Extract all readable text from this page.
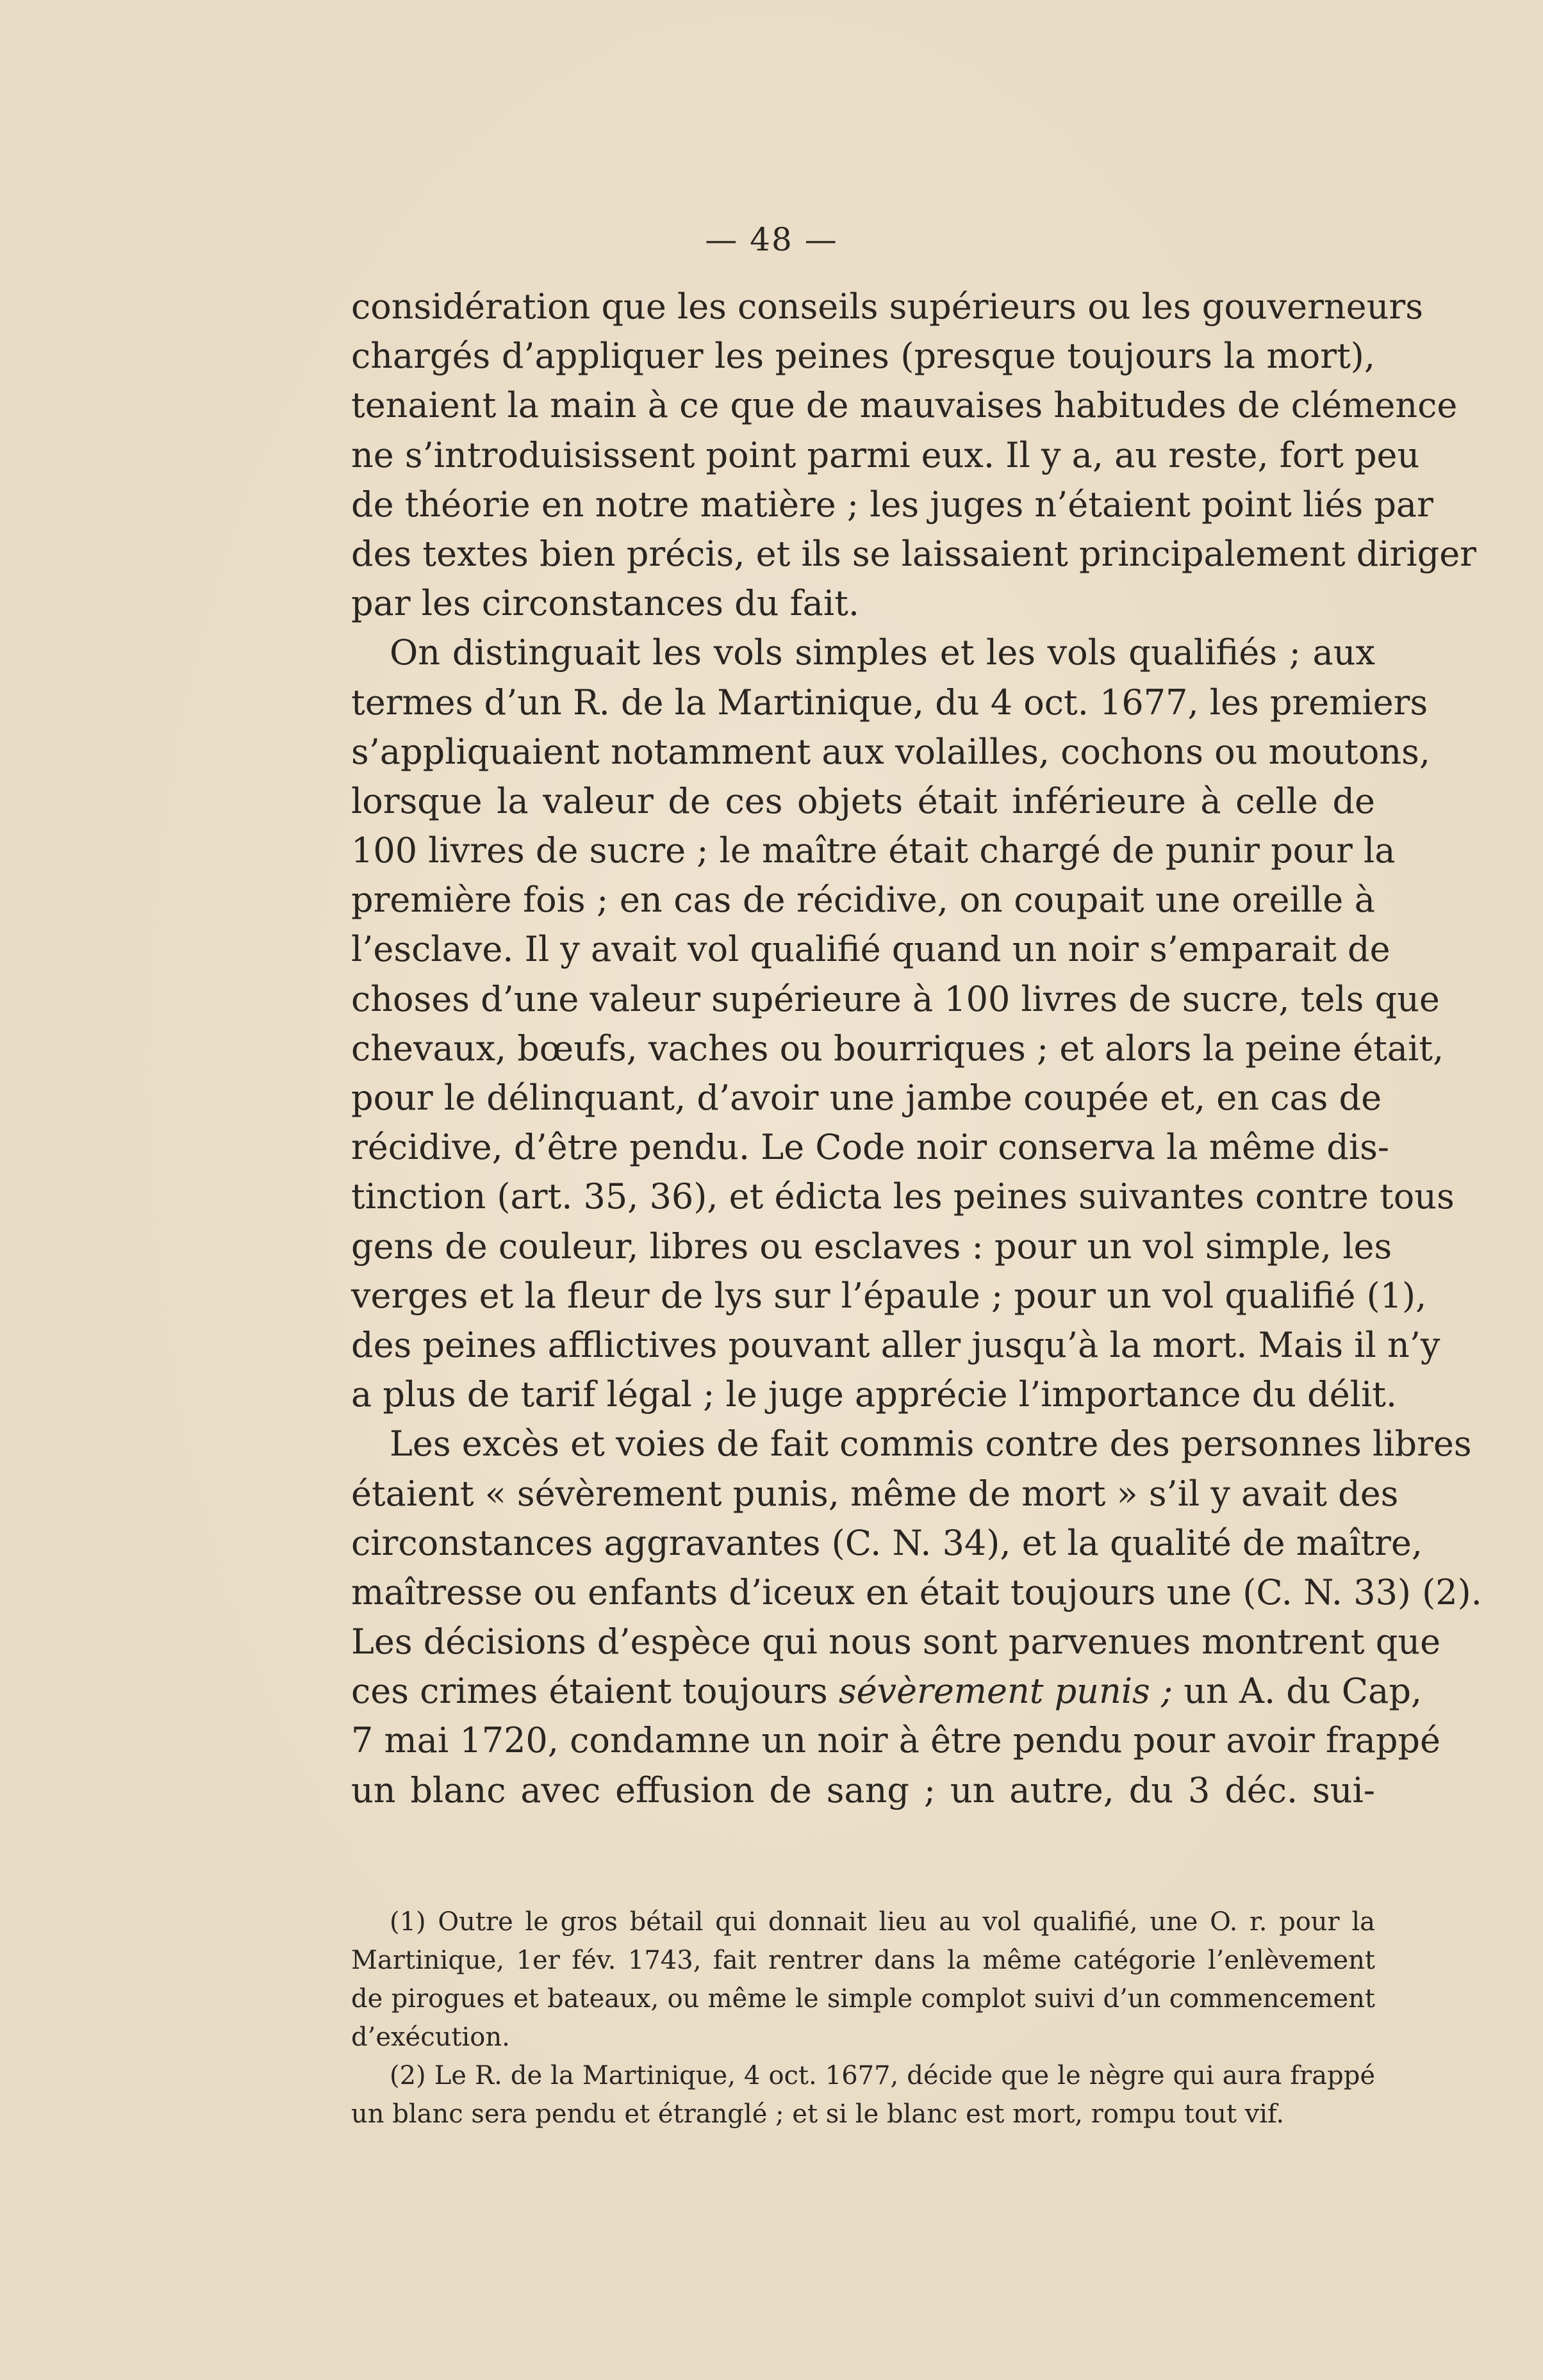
— 48 —
considération que les conseils supérieurs ou les gouverneurs
chargés d’appliquer les peines (presque toujours la mort),
tenaient la main à ce que de mauvaises habitudes de clémence
ne s’introduisissent point parmi eux. Il y a, au reste, fort peu
de théorie en notre matière ; les juges n’étaient point liés par
des textes bien précis, et ils se laissaient principalement diriger
par les circonstances du fait.
On distinguait les vols simples et les vols qualifiés ; aux
termes d’un R. de la Martinique, du 4 oct. 1677, les premiers
s’appliquaient notamment aux volailles, cochons ou moutons,
lorsque la valeur de ces objets était inférieure à celle de
100 livres de sucre ; le maître était chargé de punir pour la
première fois ; en cas de récidive, on coupait une oreille à
l’esclave. Il y avait vol qualifié quand un noir s’emparait de
choses d’une valeur supérieure à 100 livres de sucre, tels que
chevaux, bœufs, vaches ou bourriques ; et alors la peine était,
pour le délinquant, d’avoir une jambe coupée et, en cas de
récidive, d’être pendu. Le Code noir conserva la même dis-
tinction (art. 35, 36), et édicta les peines suivantes contre tous
gens de couleur, libres ou esclaves : pour un vol simple, les
verges et la fleur de lys sur l’épaule ; pour un vol qualifié (1),
des peines afflictives pouvant aller jusqu’à la mort. Mais il n’y
a plus de tarif légal ; le juge apprécie l’importance du délit.
Les excès et voies de fait commis contre des personnes libres
étaient « sévèrement punis, même de mort » s’il y avait des
circonstances aggravantes (C. N. 34), et la qualité de maître,
maîtresse ou enfants d’iceux en était toujours une (C. N. 33) (2).
Les décisions d’espèce qui nous sont parvenues montrent que
ces crimes étaient toujours sévèrement punis ; un A. du Cap,
7 mai 1720, condamne un noir à être pendu pour avoir frappé
un blanc avec effusion de sang ; un autre, du 3 déc. sui-
(1) Outre le gros bétail qui donnait lieu au vol qualifié, une O. r. pour la
Martinique, 1er fév. 1743, fait rentrer dans la même catégorie l’enlèvement
de pirogues et bateaux, ou même le simple complot suivi d’un commencement
d’exécution.
(2) Le R. de la Martinique, 4 oct. 1677, décide que le nègre qui aura frappé
un blanc sera pendu et étranglé ; et si le blanc est mort, rompu tout vif.
